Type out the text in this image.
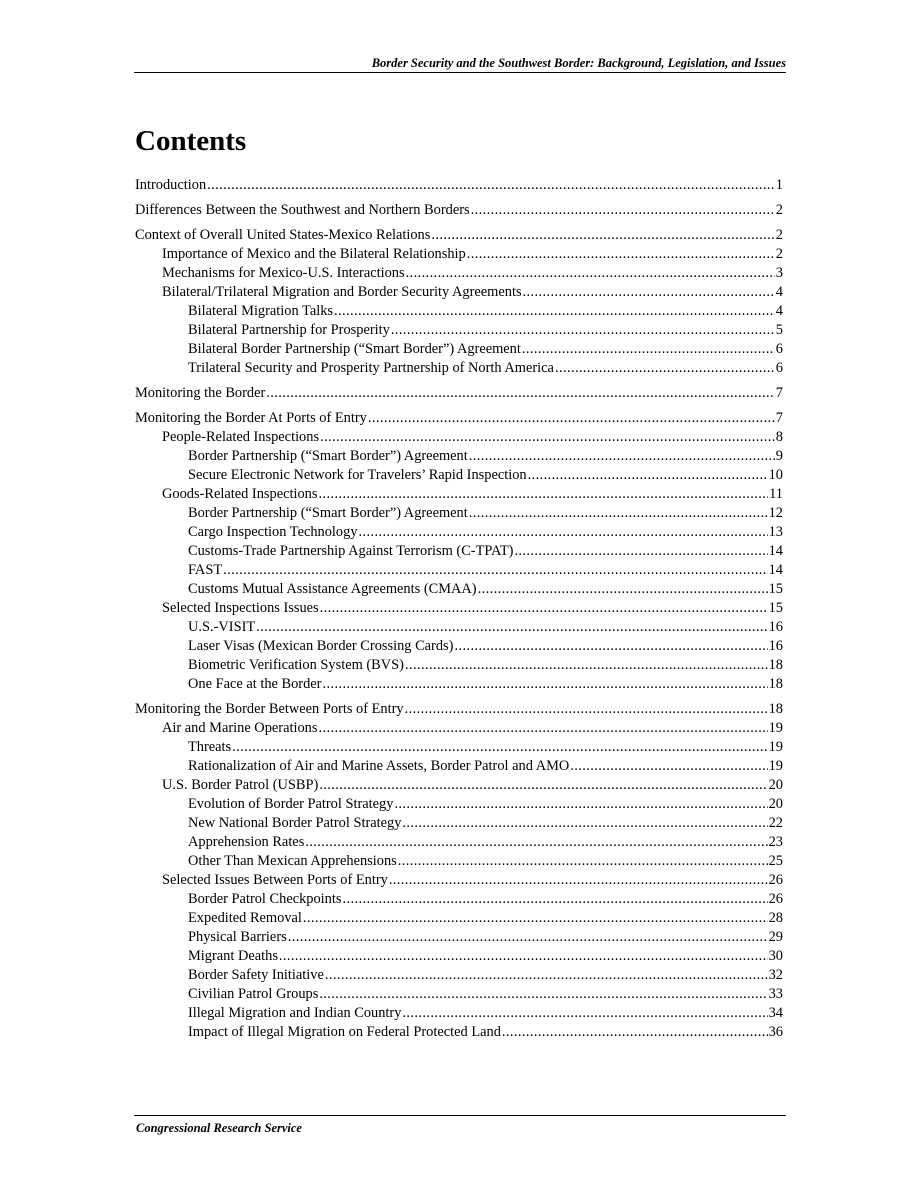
Border Security and the Southwest Border: Background, Legislation, and Issues
Contents
Introduction .....	1
Differences Between the Southwest and Northern Borders .....	2
Context of Overall United States-Mexico Relations .....	2
Importance of Mexico and the Bilateral Relationship .....	2
Mechanisms for Mexico-U.S. Interactions .....	3
Bilateral/Trilateral Migration and Border Security Agreements .....	4
Bilateral Migration Talks .....	4
Bilateral Partnership for Prosperity .....	5
Bilateral Border Partnership (“Smart Border”) Agreement .....	6
Trilateral Security and Prosperity Partnership of North America .....	6
Monitoring the Border .....	7
Monitoring the Border At Ports of Entry .....	7
People-Related Inspections .....	8
Border Partnership (“Smart Border”) Agreement .....	9
Secure Electronic Network for Travelers’ Rapid Inspection .....	10
Goods-Related Inspections .....	11
Border Partnership (“Smart Border”) Agreement .....	12
Cargo Inspection Technology .....	13
Customs-Trade Partnership Against Terrorism (C-TPAT) .....	14
FAST .....	14
Customs Mutual Assistance Agreements (CMAA) .....	15
Selected Inspections Issues .....	15
U.S.-VISIT .....	16
Laser Visas (Mexican Border Crossing Cards) .....	16
Biometric Verification System (BVS) .....	18
One Face at the Border .....	18
Monitoring the Border Between Ports of Entry .....	18
Air and Marine Operations .....	19
Threats .....	19
Rationalization of Air and Marine Assets, Border Patrol and AMO .....	19
U.S. Border Patrol (USBP) .....	20
Evolution of Border Patrol Strategy .....	20
New National Border Patrol Strategy .....	22
Apprehension Rates .....	23
Other Than Mexican Apprehensions .....	25
Selected Issues Between Ports of Entry .....	26
Border Patrol Checkpoints .....	26
Expedited Removal .....	28
Physical Barriers .....	29
Migrant Deaths .....	30
Border Safety Initiative .....	32
Civilian Patrol Groups .....	33
Illegal Migration and Indian Country .....	34
Impact of Illegal Migration on Federal Protected Land .....	36
Congressional Research Service
